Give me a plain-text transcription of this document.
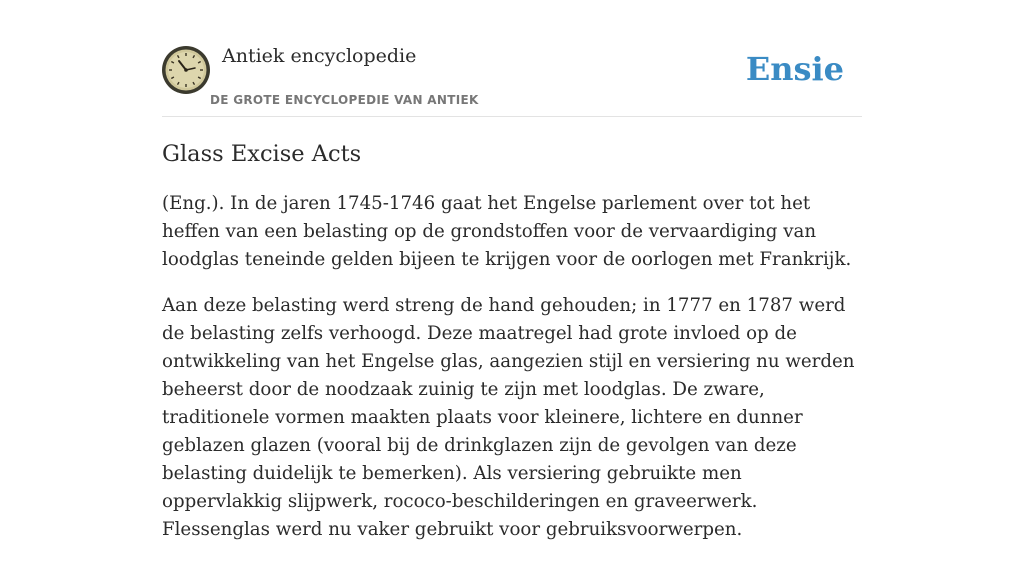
Antiek encyclopedie
DE GROTE ENCYCLOPEDIE VAN ANTIEK
Ensie
Glass Excise Acts

(Eng.). In de jaren 1745-1746 gaat het Engelse parlement over tot het heffen van een belasting op de grondstoffen voor de vervaardiging van loodglas teneinde gelden bijeen te krijgen voor de oorlogen met Frankrijk.

Aan deze belasting werd streng de hand gehouden; in 1777 en 1787 werd de belasting zelfs verhoogd. Deze maatregel had grote invloed op de ontwikkeling van het Engelse glas, aangezien stijl en versiering nu werden beheerst door de noodzaak zuinig te zijn met loodglas. De zware, traditionele vormen maakten plaats voor kleinere, lichtere en dunner geblazen glazen (vooral bij de drinkglazen zijn de gevolgen van deze belasting duidelijk te bemerken). Als versiering gebruikte men oppervlakkig slijpwerk, rococo-beschilderingen en graveerwerk. Flessenglas werd nu vaker gebruikt voor gebruiksvoorwerpen.
